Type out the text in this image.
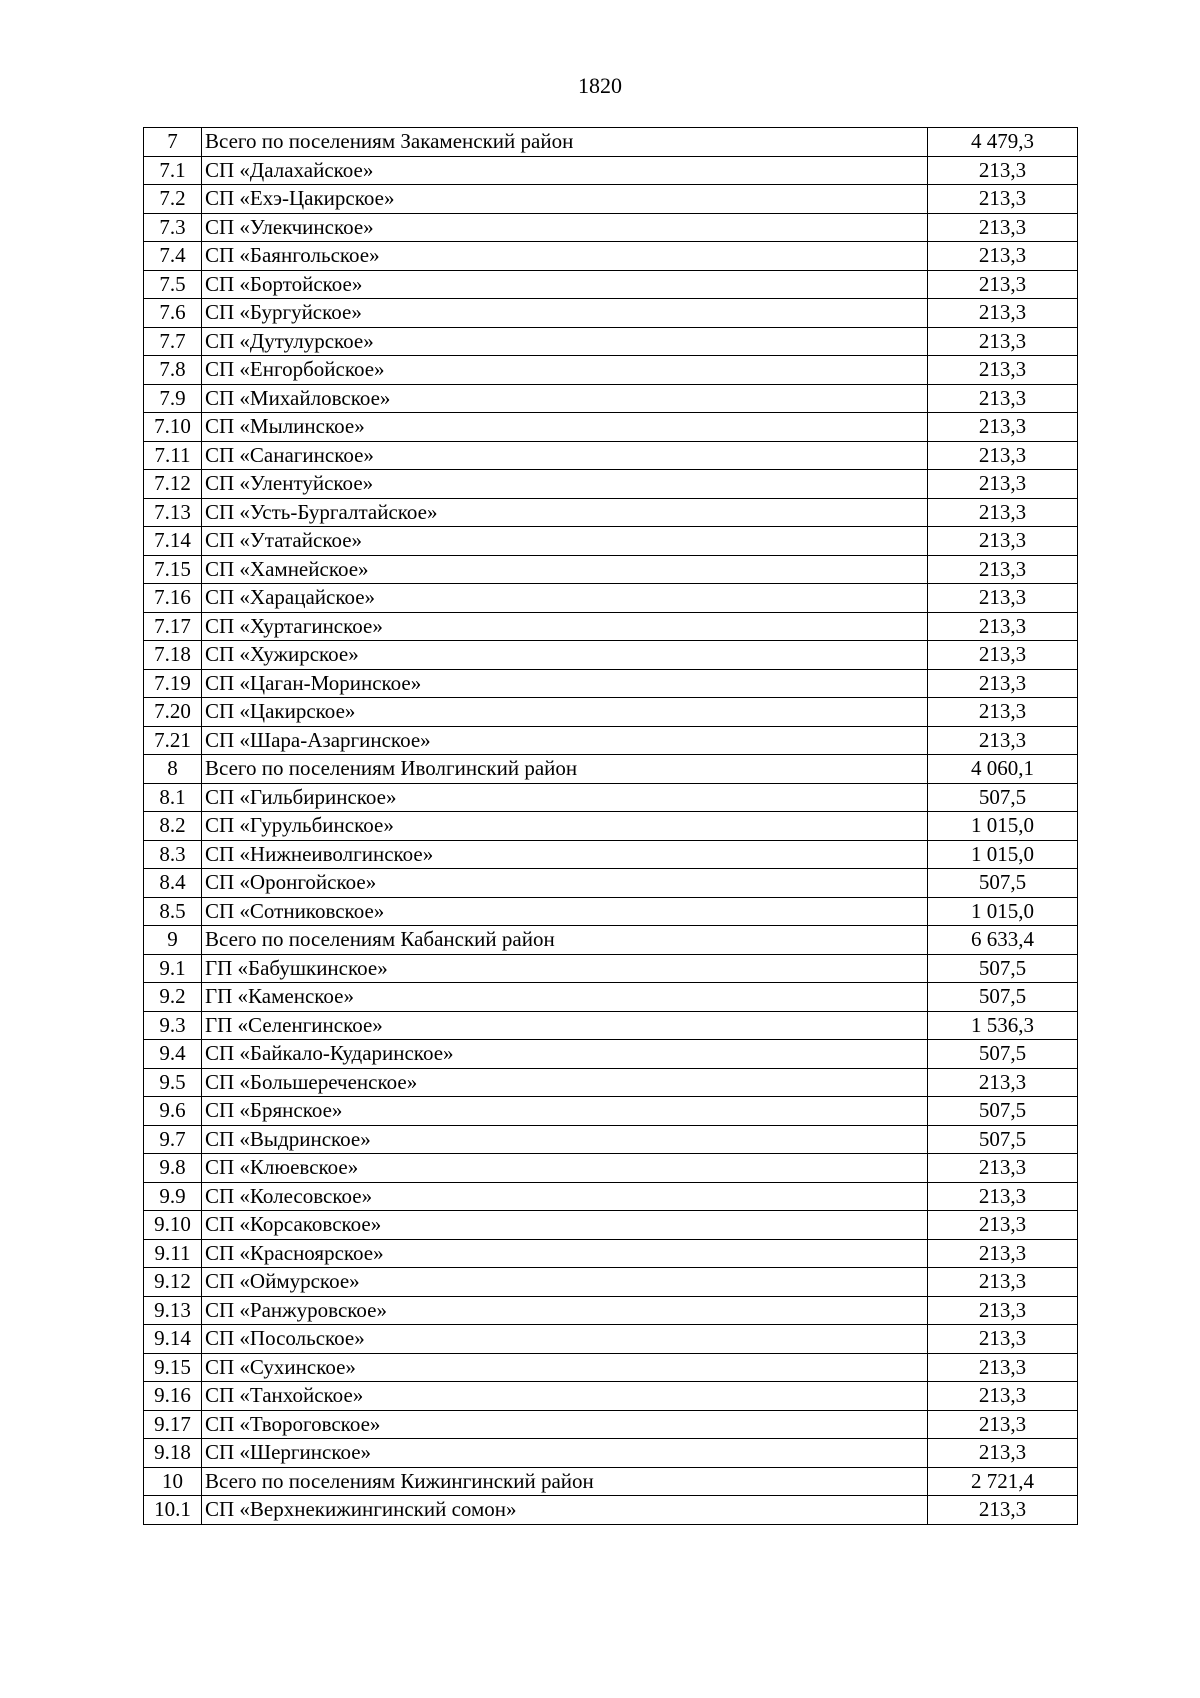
1820
7	Всего по поселениям Закаменский район	4 479,3
7.1	СП «Далахайское»	213,3
7.2	СП «Ехэ-Цакирское»	213,3
7.3	СП «Улекчинское»	213,3
7.4	СП «Баянгольское»	213,3
7.5	СП «Бортойское»	213,3
7.6	СП «Бургуйское»	213,3
7.7	СП «Дутулурское»	213,3
7.8	СП «Енгорбойское»	213,3
7.9	СП «Михайловское»	213,3
7.10	СП «Мылинское»	213,3
7.11	СП «Санагинское»	213,3
7.12	СП «Улентуйское»	213,3
7.13	СП «Усть-Бургалтайское»	213,3
7.14	СП «Утатайское»	213,3
7.15	СП «Хамнейское»	213,3
7.16	СП «Харацайское»	213,3
7.17	СП «Хуртагинское»	213,3
7.18	СП «Хужирское»	213,3
7.19	СП «Цаган-Моринское»	213,3
7.20	СП «Цакирское»	213,3
7.21	СП «Шара-Азаргинское»	213,3
8	Всего по поселениям Иволгинский район	4 060,1
8.1	СП «Гильбиринское»	507,5
8.2	СП «Гурульбинское»	1 015,0
8.3	СП «Нижнеиволгинское»	1 015,0
8.4	СП «Оронгойское»	507,5
8.5	СП «Сотниковское»	1 015,0
9	Всего по поселениям Кабанский район	6 633,4
9.1	ГП «Бабушкинское»	507,5
9.2	ГП «Каменское»	507,5
9.3	ГП «Селенгинское»	1 536,3
9.4	СП «Байкало-Кударинское»	507,5
9.5	СП «Большереченское»	213,3
9.6	СП «Брянское»	507,5
9.7	СП «Выдринское»	507,5
9.8	СП «Клюевское»	213,3
9.9	СП «Колесовское»	213,3
9.10	СП «Корсаковское»	213,3
9.11	СП «Красноярское»	213,3
9.12	СП «Оймурское»	213,3
9.13	СП «Ранжуровское»	213,3
9.14	СП «Посольское»	213,3
9.15	СП «Сухинское»	213,3
9.16	СП «Танхойское»	213,3
9.17	СП «Твороговское»	213,3
9.18	СП «Шергинское»	213,3
10	Всего по поселениям Кижингинский район	2 721,4
10.1	СП «Верхнекижингинский сомон»	213,3
